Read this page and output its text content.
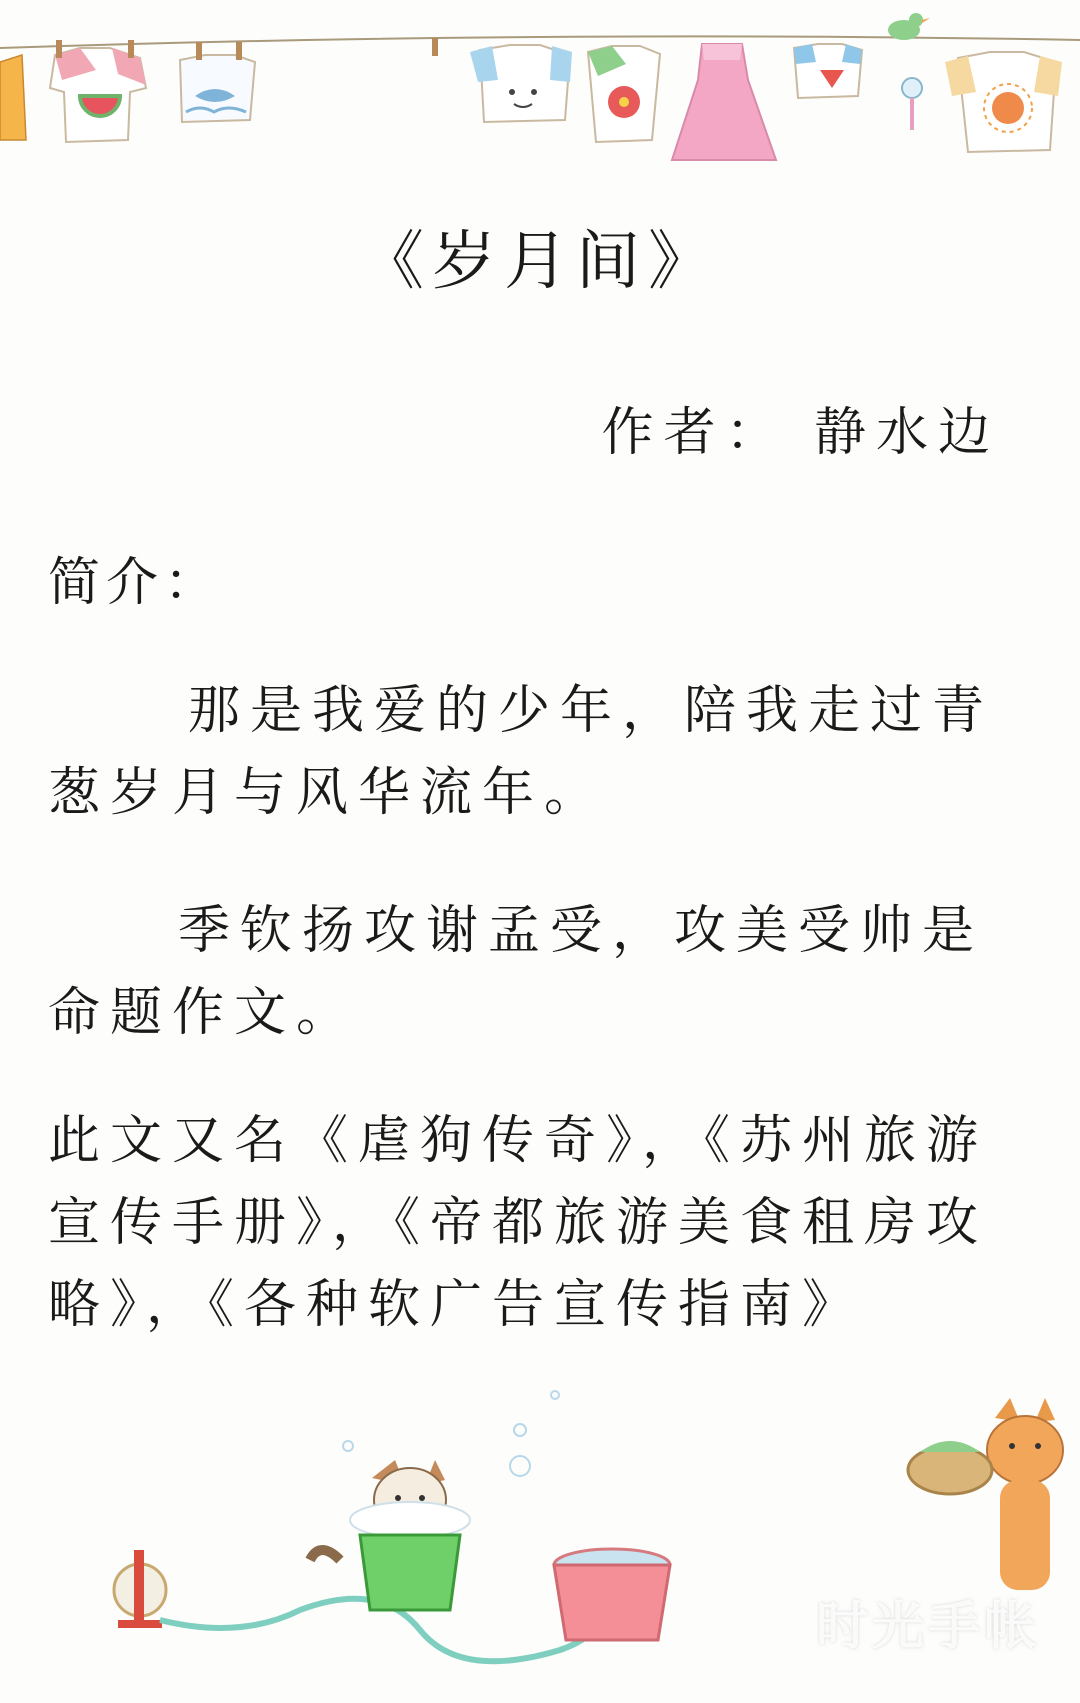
《岁月间》
作者： 静水边
简介：
那是我爱的少年，陪我走过青葱岁月与风华流年。
季钦扬攻谢孟受，攻美受帅是命题作文。
此文又名《虐狗传奇》，《苏州旅游宣传手册》，《帝都旅游美食租房攻略》，《各种软广告宣传指南》
时光手帐
